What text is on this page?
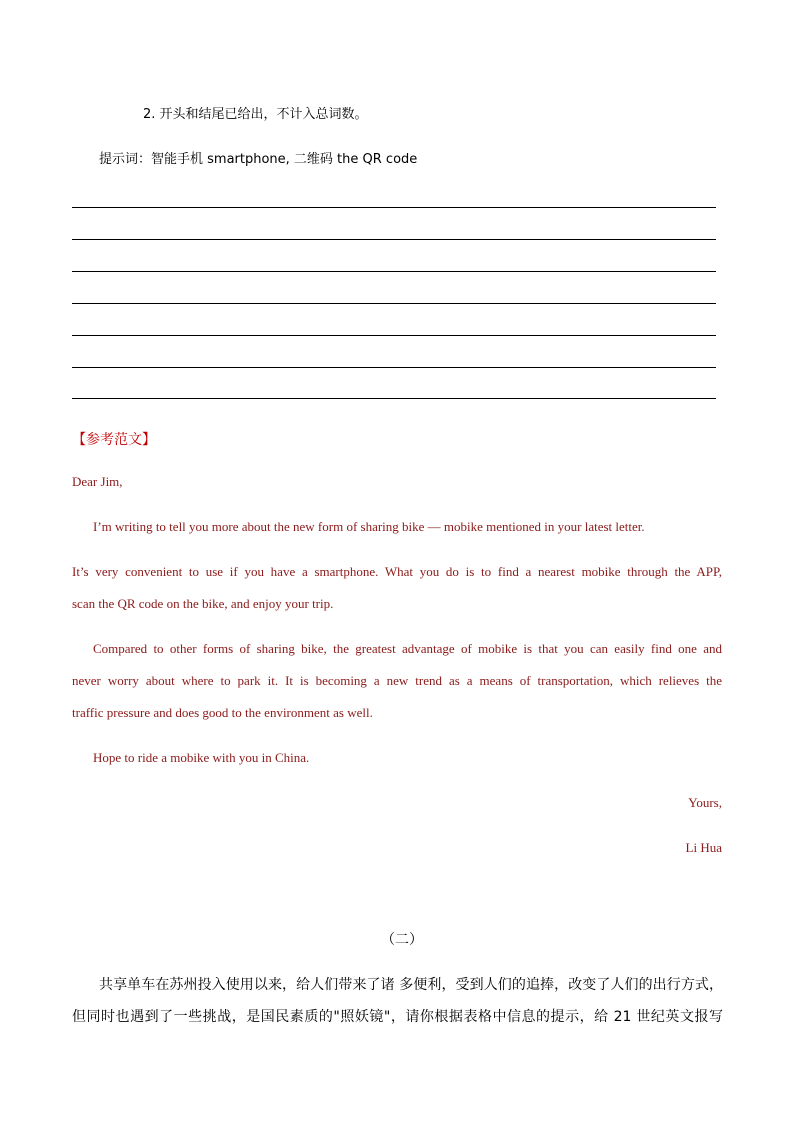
2. 开头和结尾已给出，不计入总词数。
提示词：智能手机 smartphone, 二维码 the QR code
【参考范文】
Dear Jim,
I’m writing to tell you more about the new form of sharing bike — mobike mentioned in your latest letter.
It’s very convenient to use if you have a smartphone. What you do is to find a nearest mobike through the APP,
scan the QR code on the bike, and enjoy your trip.
Compared to other forms of sharing bike, the greatest advantage of mobike is that you can easily find one and
never worry about where to park it. It is becoming a new trend as a means of transportation, which relieves the
traffic pressure and does good to the environment as well.
Hope to ride a mobike with you in China.
Yours,
Li Hua
（二）
共享单车在苏州投入使用以来，给人们带来了诸 多便利，受到人们的追捧，改变了人们的出行方式，
但同时也遇到了一些挑战，是国民素质的"照妖镜"，请你根据表格中信息的提示，给 21 世纪英文报写
